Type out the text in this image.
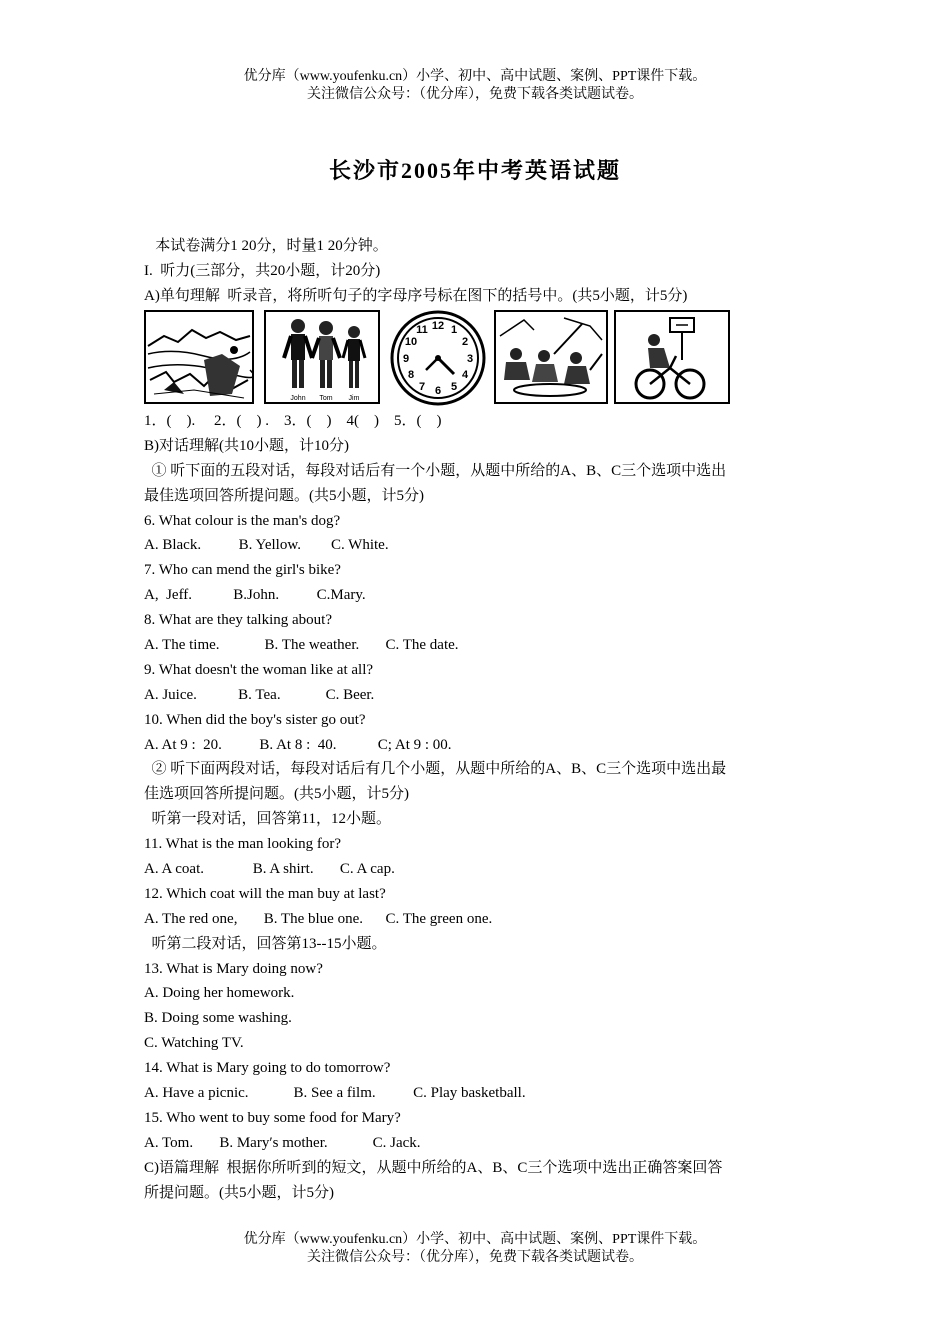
优分库（www.youfenku.cn）小学、初中、高中试题、案例、PPT课件下载。
关注微信公众号：（优分库），免费下载各类试题试卷。
长沙市2005年中考英语试题
本试卷满分1 20分，时量1 20分钟。
I.  听力(三部分，共20小题，计20分)
A)单句理解  听录音，将所听句子的字母序号标在图下的括号中。(共5小题，计5分)
John Tom Jim
12 1
2
3
4
5
6
7
8
9
10
11
1．(    ).     2．(    ) .    3．(    )    4(    )    5．(    )
B)对话理解(共10小题，计10分)
① 听下面的五段对话，每段对话后有一个小题，从题中所给的A、B、C三个选项中选出
最佳选项回答所提问题。(共5小题，计5分)
6. What colour is the man's dog?
A. Black.          B. Yellow.        C. White.
7. Who can mend the girl's bike?
A,  Jeff.           B.John.          C.Mary.
8. What are they talking about?
A. The time.            B. The weather.       C. The date.
9. What doesn't the woman like at all?
A. Juice.           B. Tea.            C. Beer.
10. When did the boy's sister go out?
A. At 9 :  20.          B. At 8 :  40.           C; At 9 : 00.
② 听下面两段对话，每段对话后有几个小题，从题中所给的A、B、C三个选项中选出最
佳选项回答所提问题。(共5小题，计5分)
听第一段对话，回答第11，12小题。
11. What is the man looking for?
A. A coat.             B. A shirt.       C. A cap.
12. Which coat will the man buy at last?
A. The red one,       B. The blue one.      C. The green one.
听第二段对话，回答第13--15小题。
13. What is Mary doing now?
A. Doing her homework.
B. Doing some washing.
C. Watching TV.
14. What is Mary going to do tomorrow?
A. Have a picnic.            B. See a film.          C. Play basketball.
15. Who went to buy some food for Mary?
A. Tom.       B. Mary′s mother.            C. Jack.
C)语篇理解  根据你所听到的短文，从题中所给的A、B、C三个选项中选出正确答案回答
所提问题。(共5小题，计5分)
优分库（www.youfenku.cn）小学、初中、高中试题、案例、PPT课件下载。
关注微信公众号：（优分库），免费下载各类试题试卷。
